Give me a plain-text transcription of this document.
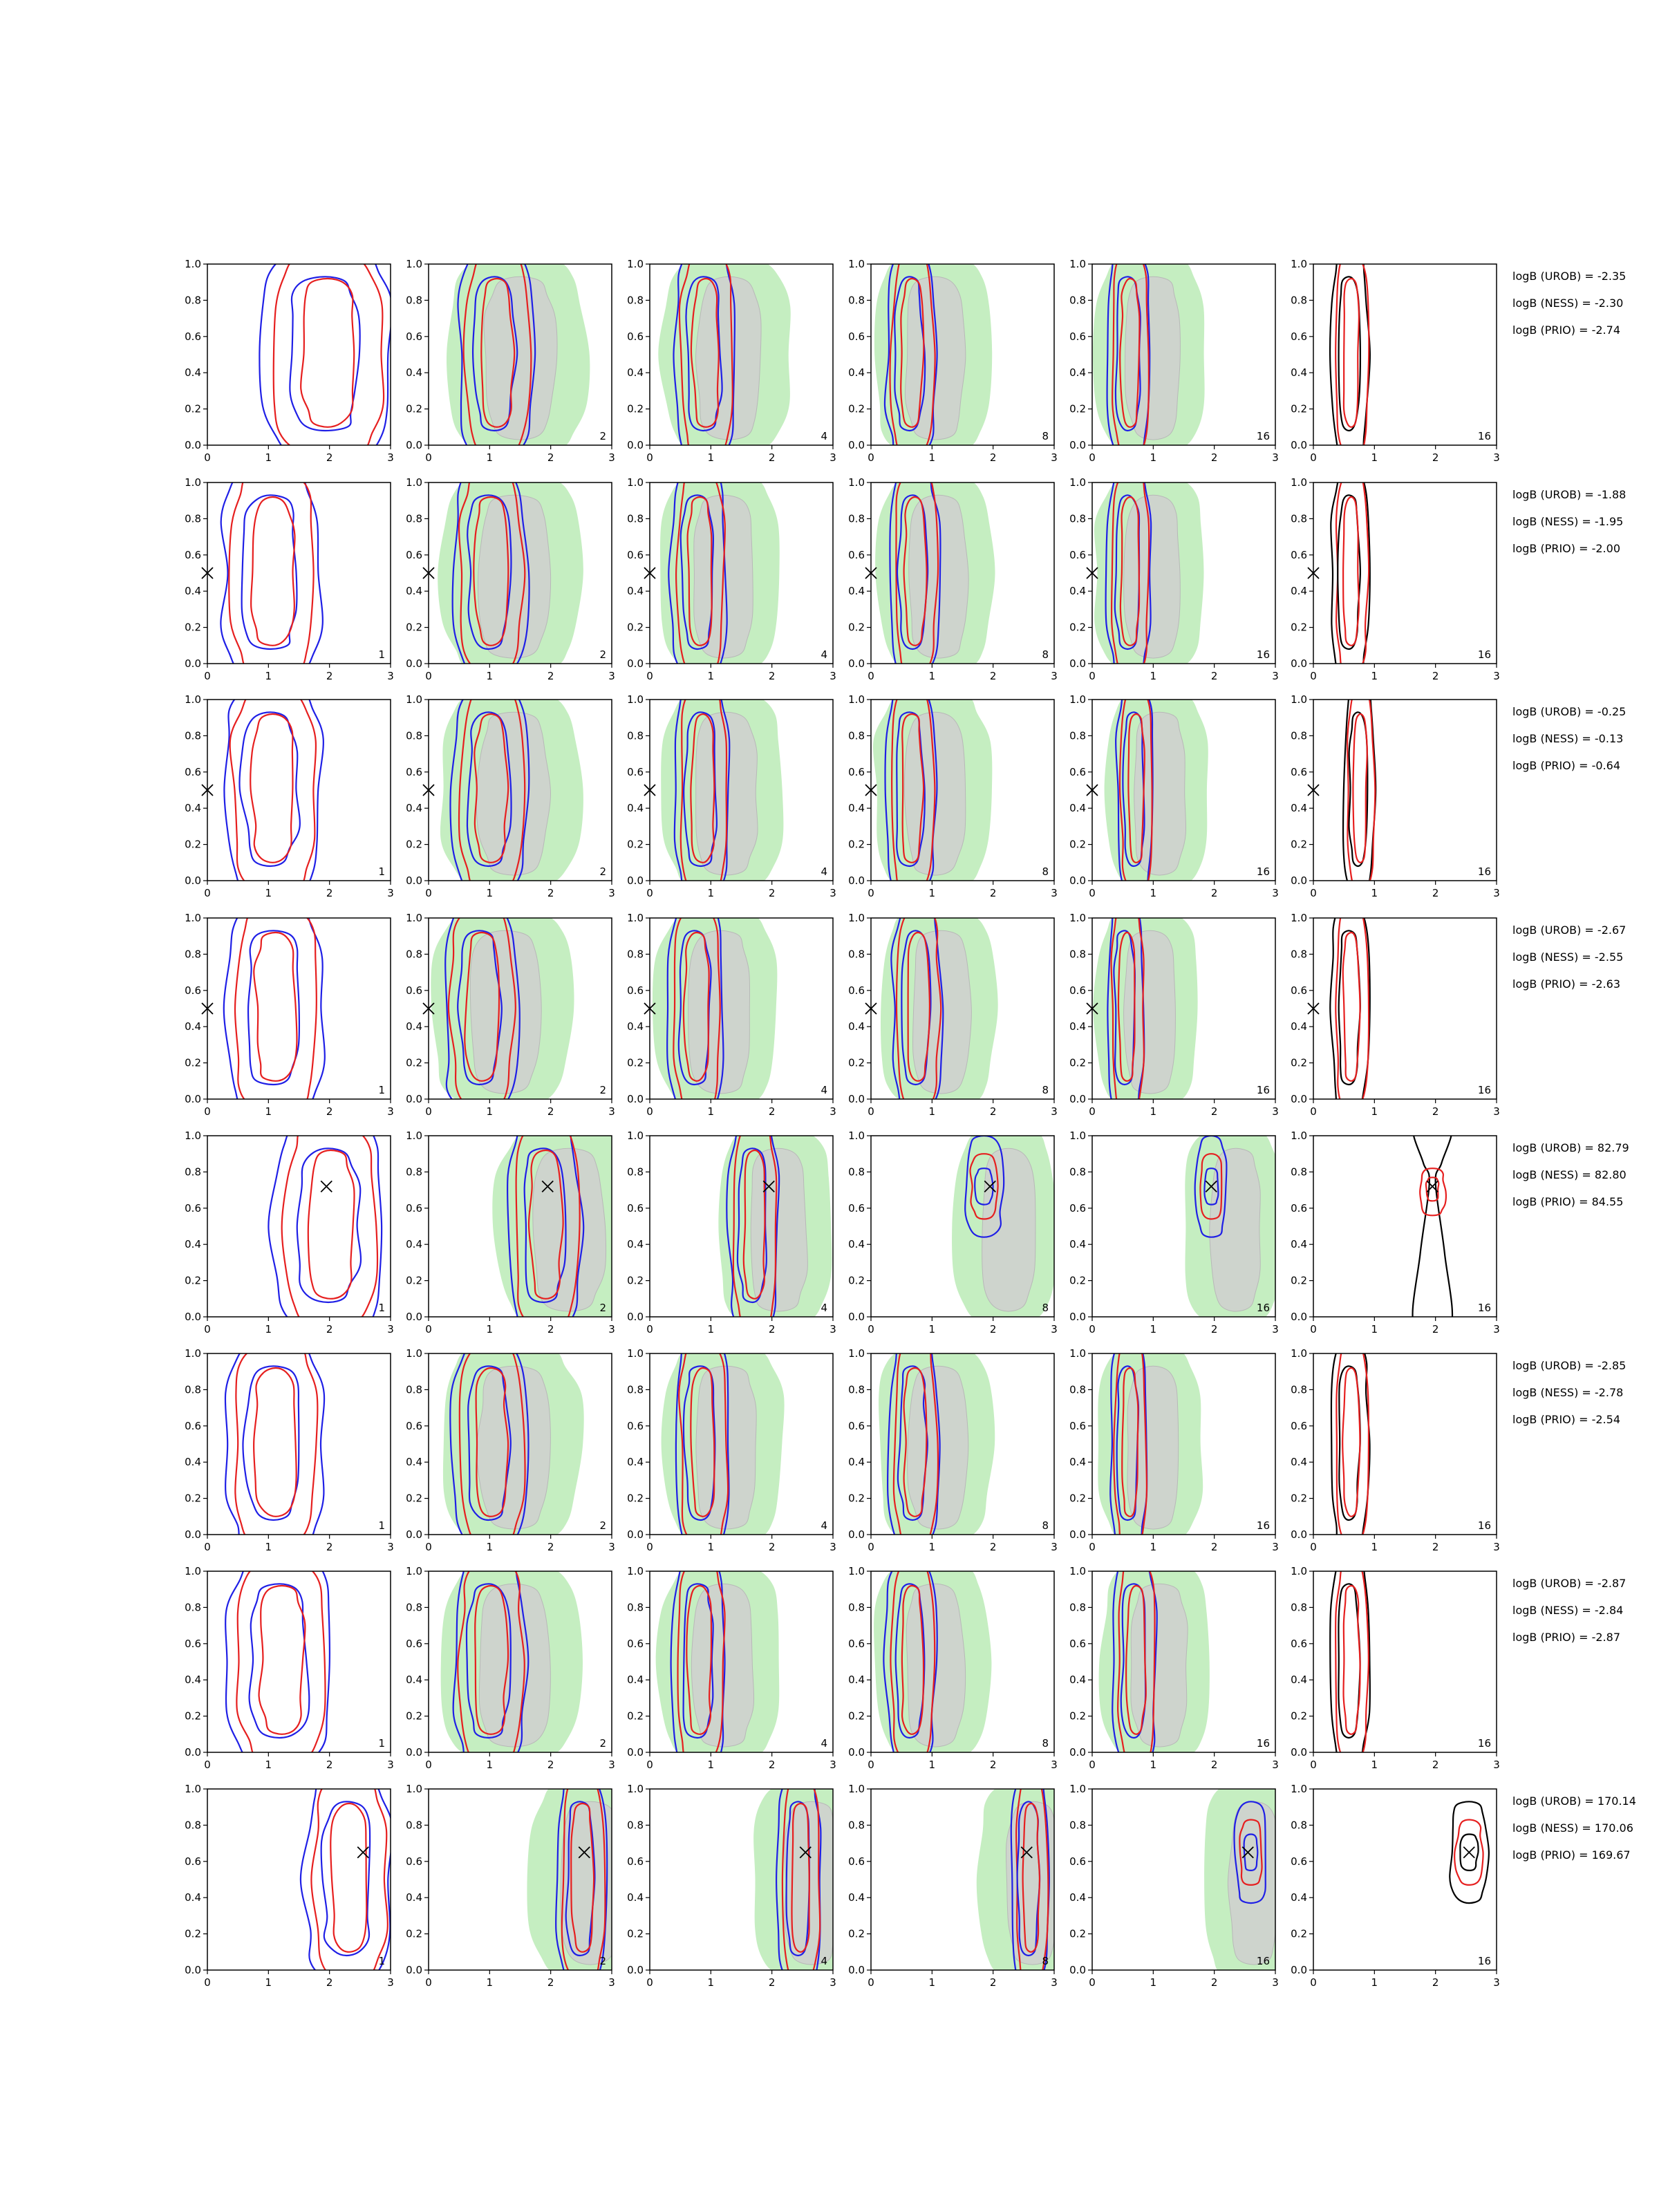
0	1	2	3
0.0
0.2
0.4
0.6
0.8
1.0
0	1	2	3
0.0
0.2
0.4
0.6
0.8
1.0
2
0	1	2	3
0.0
0.2
0.4
0.6
0.8
1.0
4
0	1	2	3
0.0
0.2
0.4
0.6
0.8
1.0
8
0	1	2	3
0.0
0.2
0.4
0.6
0.8
1.0
16
0	1	2	3
0.0
0.2
0.4
0.6
0.8
1.0
16
logB (UROB) = -2.35
logB (NESS) = -2.30
logB (PRIO) = -2.74
0	1	2	3
0.0
0.2
0.4
0.6
0.8
1.0
1
0	1	2	3
0.0
0.2
0.4
0.6
0.8
1.0
2
0	1	2	3
0.0
0.2
0.4
0.6
0.8
1.0
4
0	1	2	3
0.0
0.2
0.4
0.6
0.8
1.0
8
0	1	2	3
0.0
0.2
0.4
0.6
0.8
1.0
16
0	1	2	3
0.0
0.2
0.4
0.6
0.8
1.0
16
logB (UROB) = -1.88
logB (NESS) = -1.95
logB (PRIO) = -2.00
0	1	2	3
0.0
0.2
0.4
0.6
0.8
1.0
1
0	1	2	3
0.0
0.2
0.4
0.6
0.8
1.0
2
0	1	2	3
0.0
0.2
0.4
0.6
0.8
1.0
4
0	1	2	3
0.0
0.2
0.4
0.6
0.8
1.0
8
0	1	2	3
0.0
0.2
0.4
0.6
0.8
1.0
16
0	1	2	3
0.0
0.2
0.4
0.6
0.8
1.0
16
logB (UROB) = -0.25
logB (NESS) = -0.13
logB (PRIO) = -0.64
0	1	2	3
0.0
0.2
0.4
0.6
0.8
1.0
1
0	1	2	3
0.0
0.2
0.4
0.6
0.8
1.0
2
0	1	2	3
0.0
0.2
0.4
0.6
0.8
1.0
4
0	1	2	3
0.0
0.2
0.4
0.6
0.8
1.0
8
0	1	2	3
0.0
0.2
0.4
0.6
0.8
1.0
16
0	1	2	3
0.0
0.2
0.4
0.6
0.8
1.0
16
logB (UROB) = -2.67
logB (NESS) = -2.55
logB (PRIO) = -2.63
0	1	2	3
0.0
0.2
0.4
0.6
0.8
1.0
1
0	1	2	3
0.0
0.2
0.4
0.6
0.8
1.0
2
0	1	2	3
0.0
0.2
0.4
0.6
0.8
1.0
4
0	1	2	3
0.0
0.2
0.4
0.6
0.8
1.0
8
0	1	2	3
0.0
0.2
0.4
0.6
0.8
1.0
16
0	1	2	3
0.0
0.2
0.4
0.6
0.8
1.0
16
logB (UROB) = 82.79
logB (NESS) = 82.80
logB (PRIO) = 84.55
0	1	2	3
0.0
0.2
0.4
0.6
0.8
1.0
1
0	1	2	3
0.0
0.2
0.4
0.6
0.8
1.0
2
0	1	2	3
0.0
0.2
0.4
0.6
0.8
1.0
4
0	1	2	3
0.0
0.2
0.4
0.6
0.8
1.0
8
0	1	2	3
0.0
0.2
0.4
0.6
0.8
1.0
16
0	1	2	3
0.0
0.2
0.4
0.6
0.8
1.0
16
logB (UROB) = -2.85
logB (NESS) = -2.78
logB (PRIO) = -2.54
0	1	2	3
0.0
0.2
0.4
0.6
0.8
1.0
1
0	1	2	3
0.0
0.2
0.4
0.6
0.8
1.0
2
0	1	2	3
0.0
0.2
0.4
0.6
0.8
1.0
4
0	1	2	3
0.0
0.2
0.4
0.6
0.8
1.0
8
0	1	2	3
0.0
0.2
0.4
0.6
0.8
1.0
16
0	1	2	3
0.0
0.2
0.4
0.6
0.8
1.0
16
logB (UROB) = -2.87
logB (NESS) = -2.84
logB (PRIO) = -2.87
0	1	2	3
0.0
0.2
0.4
0.6
0.8
1.0
1
0	1	2	3
0.0
0.2
0.4
0.6
0.8
1.0
2
0	1	2	3
0.0
0.2
0.4
0.6
0.8
1.0
4
0	1	2	3
0.0
0.2
0.4
0.6
0.8
1.0
8
0	1	2	3
0.0
0.2
0.4
0.6
0.8
1.0
16
0	1	2	3
0.0
0.2
0.4
0.6
0.8
1.0
16
logB (UROB) = 170.14
logB (NESS) = 170.06
logB (PRIO) = 169.67
